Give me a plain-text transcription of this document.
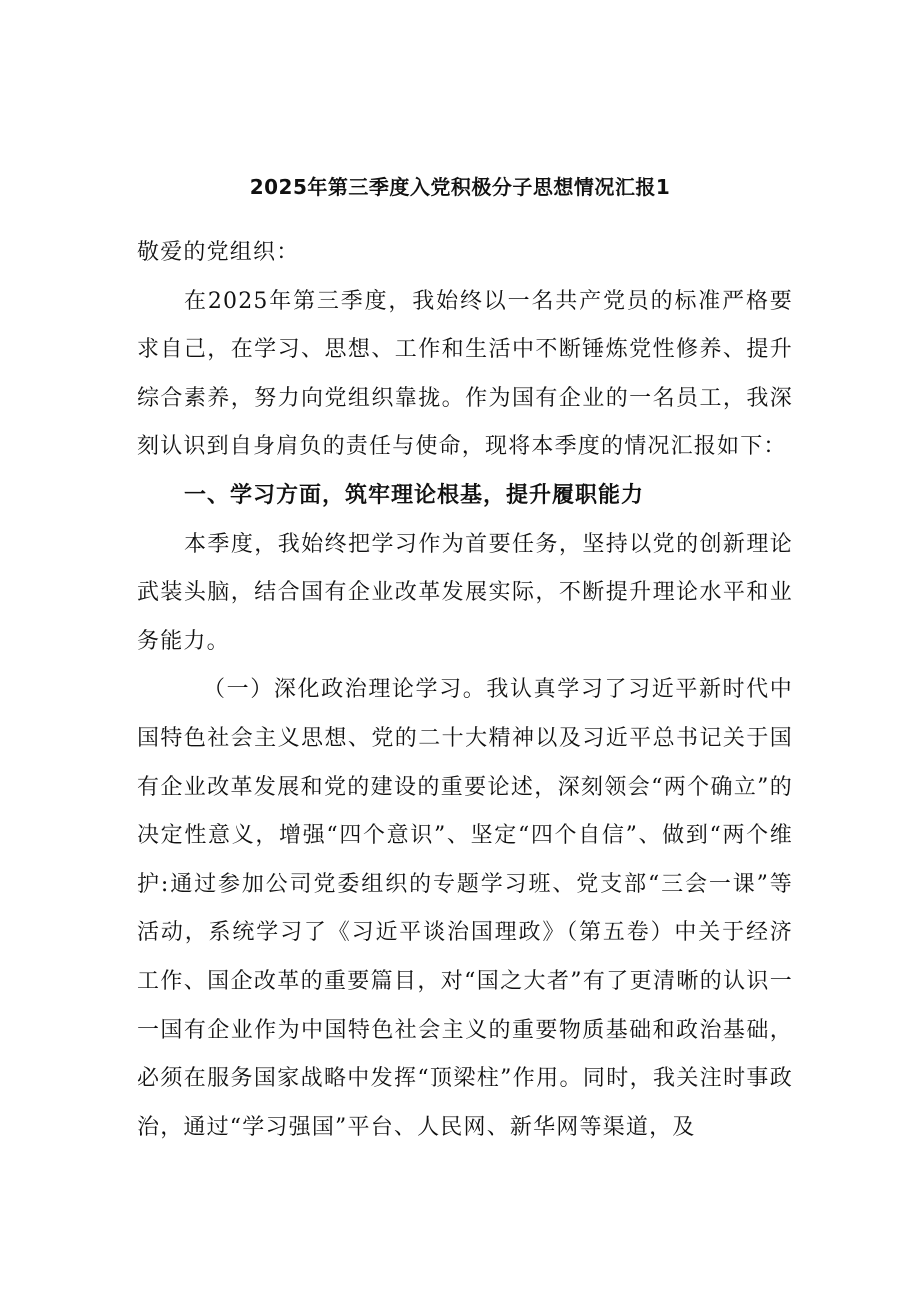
2025年第三季度入党积极分子思想情况汇报1

敬爱的党组织：

在2025年第三季度，我始终以一名共产党员的标准严格要求自己，在学习、思想、工作和生活中不断锤炼党性修养、提升综合素养，努力向党组织靠拢。作为国有企业的一名员工，我深刻认识到自身肩负的责任与使命，现将本季度的情况汇报如下：

一、学习方面，筑牢理论根基，提升履职能力

本季度，我始终把学习作为首要任务，坚持以党的创新理论武装头脑，结合国有企业改革发展实际，不断提升理论水平和业务能力。

（一）深化政治理论学习。我认真学习了习近平新时代中国特色社会主义思想、党的二十大精神以及习近平总书记关于国有企业改革发展和党的建设的重要论述，深刻领会“两个确立”的决定性意义，增强“四个意识”、坚定“四个自信”、做到“两个维护:通过参加公司党委组织的专题学习班、党支部“三会一课”等活动，系统学习了《习近平谈治国理政》（第五卷）中关于经济工作、国企改革的重要篇目，对“国之大者”有了更清晰的认识一一国有企业作为中国特色社会主义的重要物质基础和政治基础，必须在服务国家战略中发挥“顶梁柱”作用。同时，我关注时事政治，通过“学习强国”平台、人民网、新华网等渠道，及
